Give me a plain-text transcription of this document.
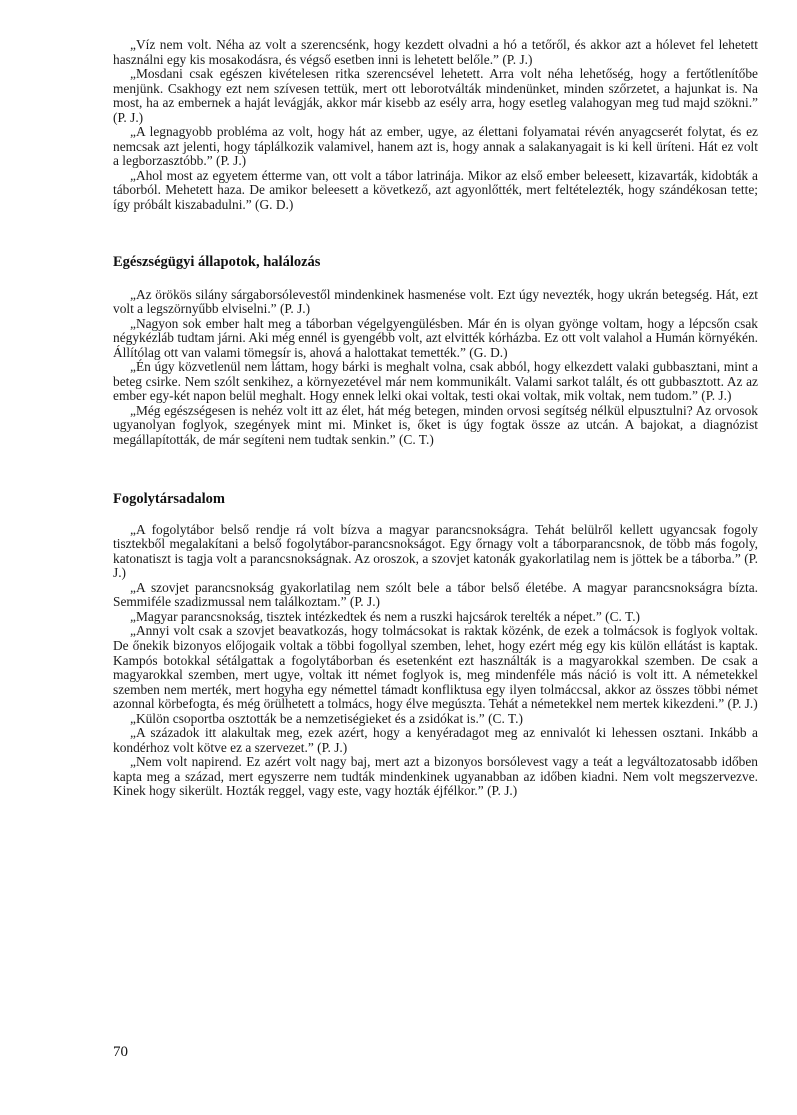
„Víz nem volt. Néha az volt a szerencsénk, hogy kezdett olvadni a hó a tetőről, és akkor azt a hólevet fel lehetett használni egy kis mosakodásra, és végső esetben inni is lehetett belőle.” (P. J.)

„Mosdani csak egészen kivételesen ritka szerencsével lehetett. Arra volt néha lehetőség, hogy a fertőtlenítőbe menjünk. Csakhogy ezt nem szívesen tettük, mert ott leborotválták mindenünket, minden szőrzetet, a hajunkat is. Na most, ha az embernek a haját levágják, akkor már kisebb az esély arra, hogy esetleg valahogyan meg tud majd szökni.” (P. J.)

„A legnagyobb probléma az volt, hogy hát az ember, ugye, az élettani folyamatai révén anyagcserét folytat, és ez nemcsak azt jelenti, hogy táplálkozik valamivel, hanem azt is, hogy annak a salakanyagait is ki kell üríteni. Hát ez volt a legborzasztóbb.” (P. J.)

„Ahol most az egyetem étterme van, ott volt a tábor latrinája. Mikor az első ember beleesett, kizavarták, kidobták a táborból. Mehetett haza. De amikor beleesett a következő, azt agyonlőtték, mert feltételezték, hogy szándékosan tette; így próbált kiszabadulni.” (G. D.)

Egészségügyi állapotok, halálozás

„Az örökös silány sárgaborsólevestől mindenkinek hasmenése volt. Ezt úgy nevezték, hogy ukrán betegség. Hát, ezt volt a legszörnyűbb elviselni.” (P. J.)

„Nagyon sok ember halt meg a táborban végelgyengülésben. Már én is olyan gyönge voltam, hogy a lépcsőn csak négykézláb tudtam járni. Aki még ennél is gyengébb volt, azt elvitték kórházba. Ez ott volt valahol a Humán környékén. Állítólag ott van valami tömegsír is, ahová a halottakat temették.” (G. D.)

„Én úgy közvetlenül nem láttam, hogy bárki is meghalt volna, csak abból, hogy elkezdett valaki gubbasztani, mint a beteg csirke. Nem szólt senkihez, a környezetével már nem kommunikált. Valami sarkot talált, és ott gubbasztott. Az az ember egy-két napon belül meghalt. Hogy ennek lelki okai voltak, testi okai voltak, mik voltak, nem tudom.” (P. J.)

„Még egészségesen is nehéz volt itt az élet, hát még betegen, minden orvosi segítség nélkül elpusztulni? Az orvosok ugyanolyan foglyok, szegények mint mi. Minket is, őket is úgy fogtak össze az utcán. A bajokat, a diagnózist megállapították, de már segíteni nem tudtak senkin.” (C. T.)

Fogolytársadalom

„A fogolytábor belső rendje rá volt bízva a magyar parancsnokságra. Tehát belülről kellett ugyancsak fogoly tisztekből megalakítani a belső fogolytábor-parancsnokságot. Egy őrnagy volt a táborparancsnok, de több más fogoly, katonatiszt is tagja volt a parancsnokságnak. Az oroszok, a szovjet katonák gyakorlatilag nem is jöttek be a táborba.” (P. J.)

„A szovjet parancsnokság gyakorlatilag nem szólt bele a tábor belső életébe. A magyar parancsnokságra bízta. Semmiféle szadizmussal nem találkoztam.” (P. J.)

„Magyar parancsnokság, tisztek intézkedtek és nem a ruszki hajcsárok terelték a népet.” (C. T.)

„Annyi volt csak a szovjet beavatkozás, hogy tolmácsokat is raktak közénk, de ezek a tolmácsok is foglyok voltak. De őnekik bizonyos előjogaik voltak a többi fogollyal szemben, lehet, hogy ezért még egy kis külön ellátást is kaptak. Kampós botokkal sétálgattak a fogolytáborban és esetenként ezt használták is a magyarokkal szemben. De csak a magyarokkal szemben, mert ugye, voltak itt német foglyok is, meg mindenféle más náció is volt itt. A németekkel szemben nem merték, mert hogyha egy némettel támadt konfliktusa egy ilyen tolmáccsal, akkor az összes többi német azonnal körbefogta, és még örülhetett a tolmács, hogy élve megúszta. Tehát a németekkel nem mertek kikezdeni.” (P. J.)

„Külön csoportba osztották be a nemzetiségieket és a zsidókat is.” (C. T.)

„A századok itt alakultak meg, ezek azért, hogy a kenyéradagot meg az ennivalót ki lehessen osztani. Inkább a kondérhoz volt kötve ez a szervezet.” (P. J.)

„Nem volt napirend. Ez azért volt nagy baj, mert azt a bizonyos borsólevest vagy a teát a legváltozatosabb időben kapta meg a század, mert egyszerre nem tudták mindenkinek ugyanabban az időben kiadni. Nem volt megszervezve. Kinek hogy sikerült. Hozták reggel, vagy este, vagy hozták éjfélkor.” (P. J.)

70
